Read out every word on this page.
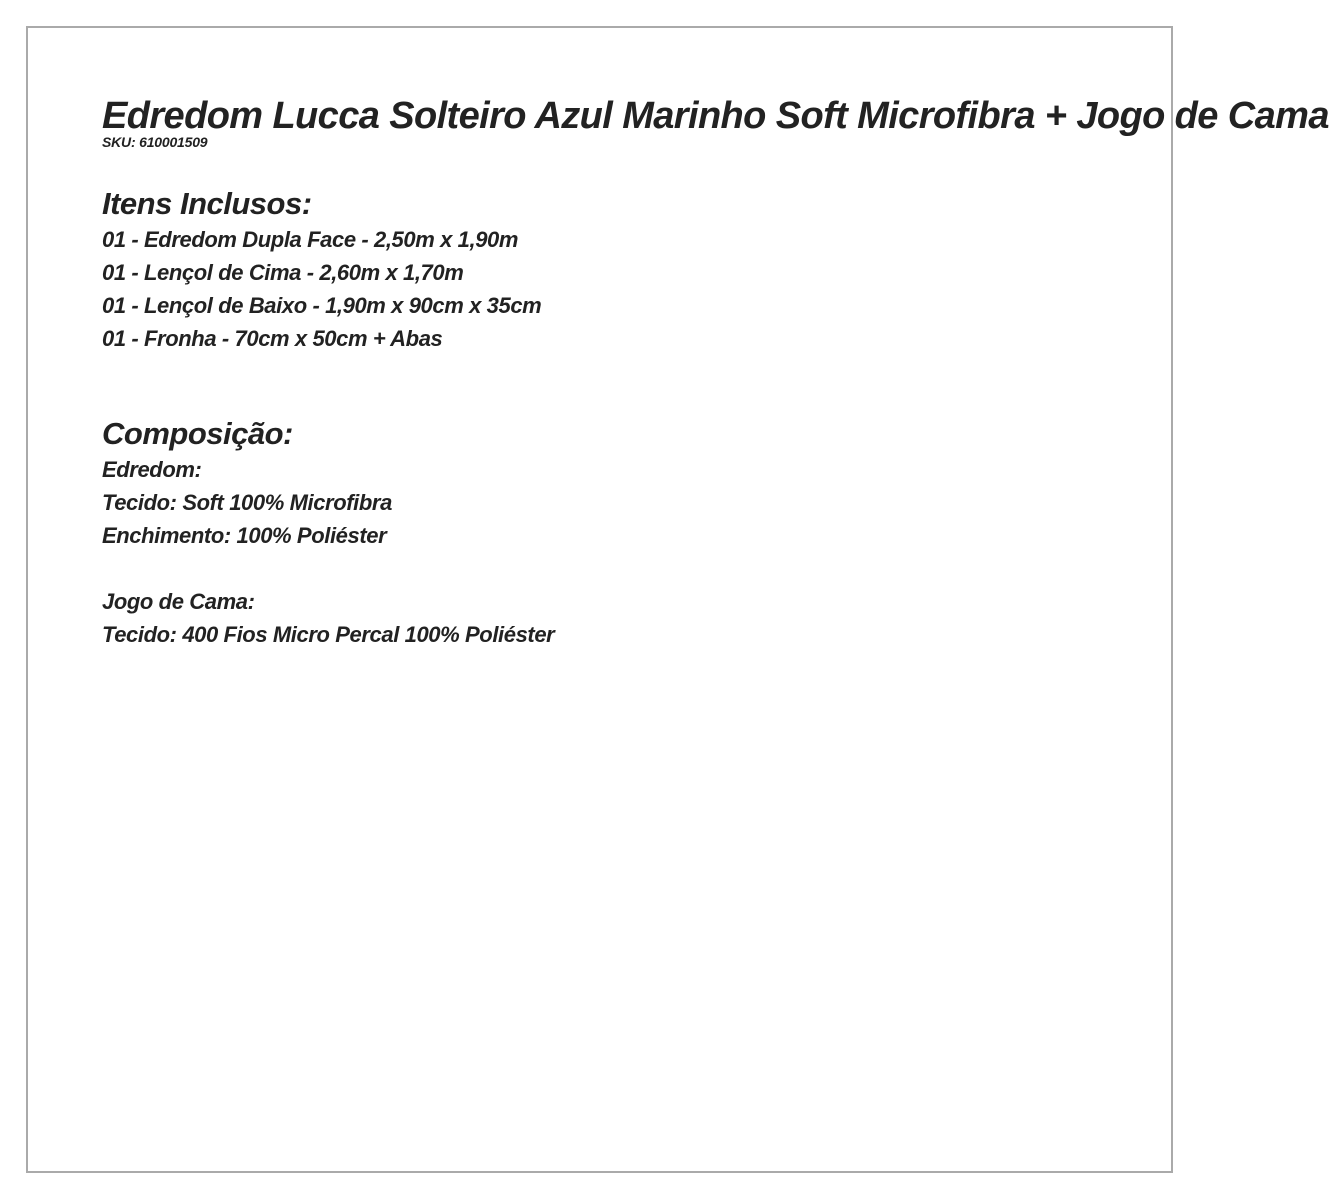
Edredom Lucca Solteiro Azul Marinho Soft Microfibra + Jogo de Cama
SKU: 610001509
Itens Inclusos:
01 - Edredom Dupla Face - 2,50m x 1,90m
01 - Lençol de Cima - 2,60m x 1,70m
01 - Lençol de Baixo - 1,90m x 90cm x 35cm
01 - Fronha - 70cm x 50cm + Abas
Composição:
Edredom:
Tecido: Soft 100% Microfibra
Enchimento: 100% Poliéster
Jogo de Cama:
Tecido: 400 Fios Micro Percal 100% Poliéster
